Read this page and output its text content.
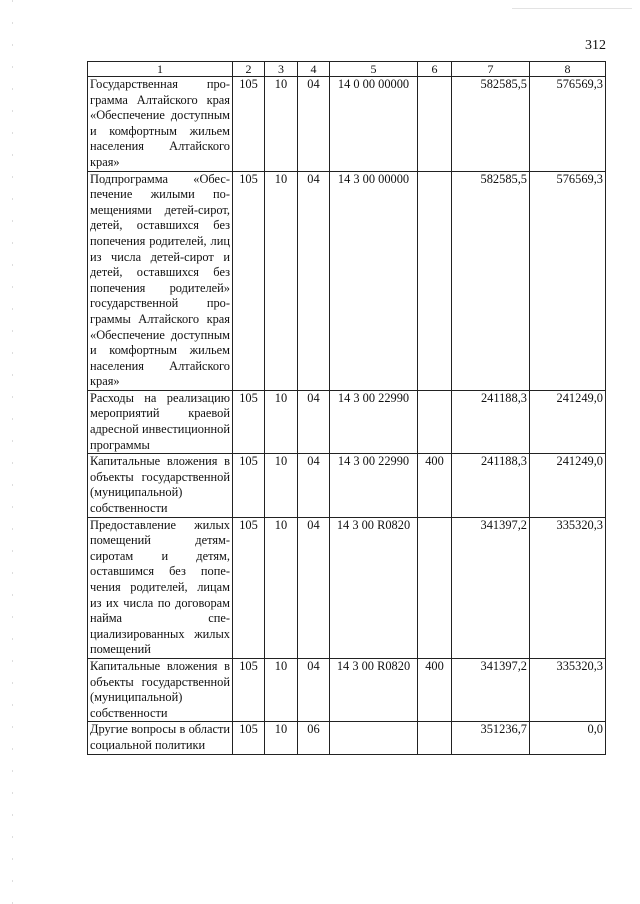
312
1	2	3	4	5	6	7	8
Государственная программа Алтайского края «Обеспечение доступным и комфортным жильем населения Алтайского края»	105	10	04	14 0 00 00000		582585,5	576569,3
Подпрограмма «Обеспечение жилыми помещениями детей-сирот, детей, оставшихся без попечения родителей, лиц из числа детей-сирот и детей, оставшихся без попечения родителей» государственной программы Алтайского края «Обеспечение доступным и комфортным жильем населения Алтайского края»	105	10	04	14 3 00 00000		582585,5	576569,3
Расходы на реализацию мероприятий краевой адресной инвестиционной программы	105	10	04	14 3 00 22990		241188,3	241249,0
Капитальные вложения в объекты государственной (муниципальной) собственности	105	10	04	14 3 00 22990	400	241188,3	241249,0
Предоставление жилых помещений детям-сиротам и детям, оставшимся без попечения родителей, лицам из их числа по договорам найма специализированных жилых помещений	105	10	04	14 3 00 R0820		341397,2	335320,3
Капитальные вложения в объекты государственной (муниципальной) собственности	105	10	04	14 3 00 R0820	400	341397,2	335320,3
Другие вопросы в области социальной политики	105	10	06			351236,7	0,0
